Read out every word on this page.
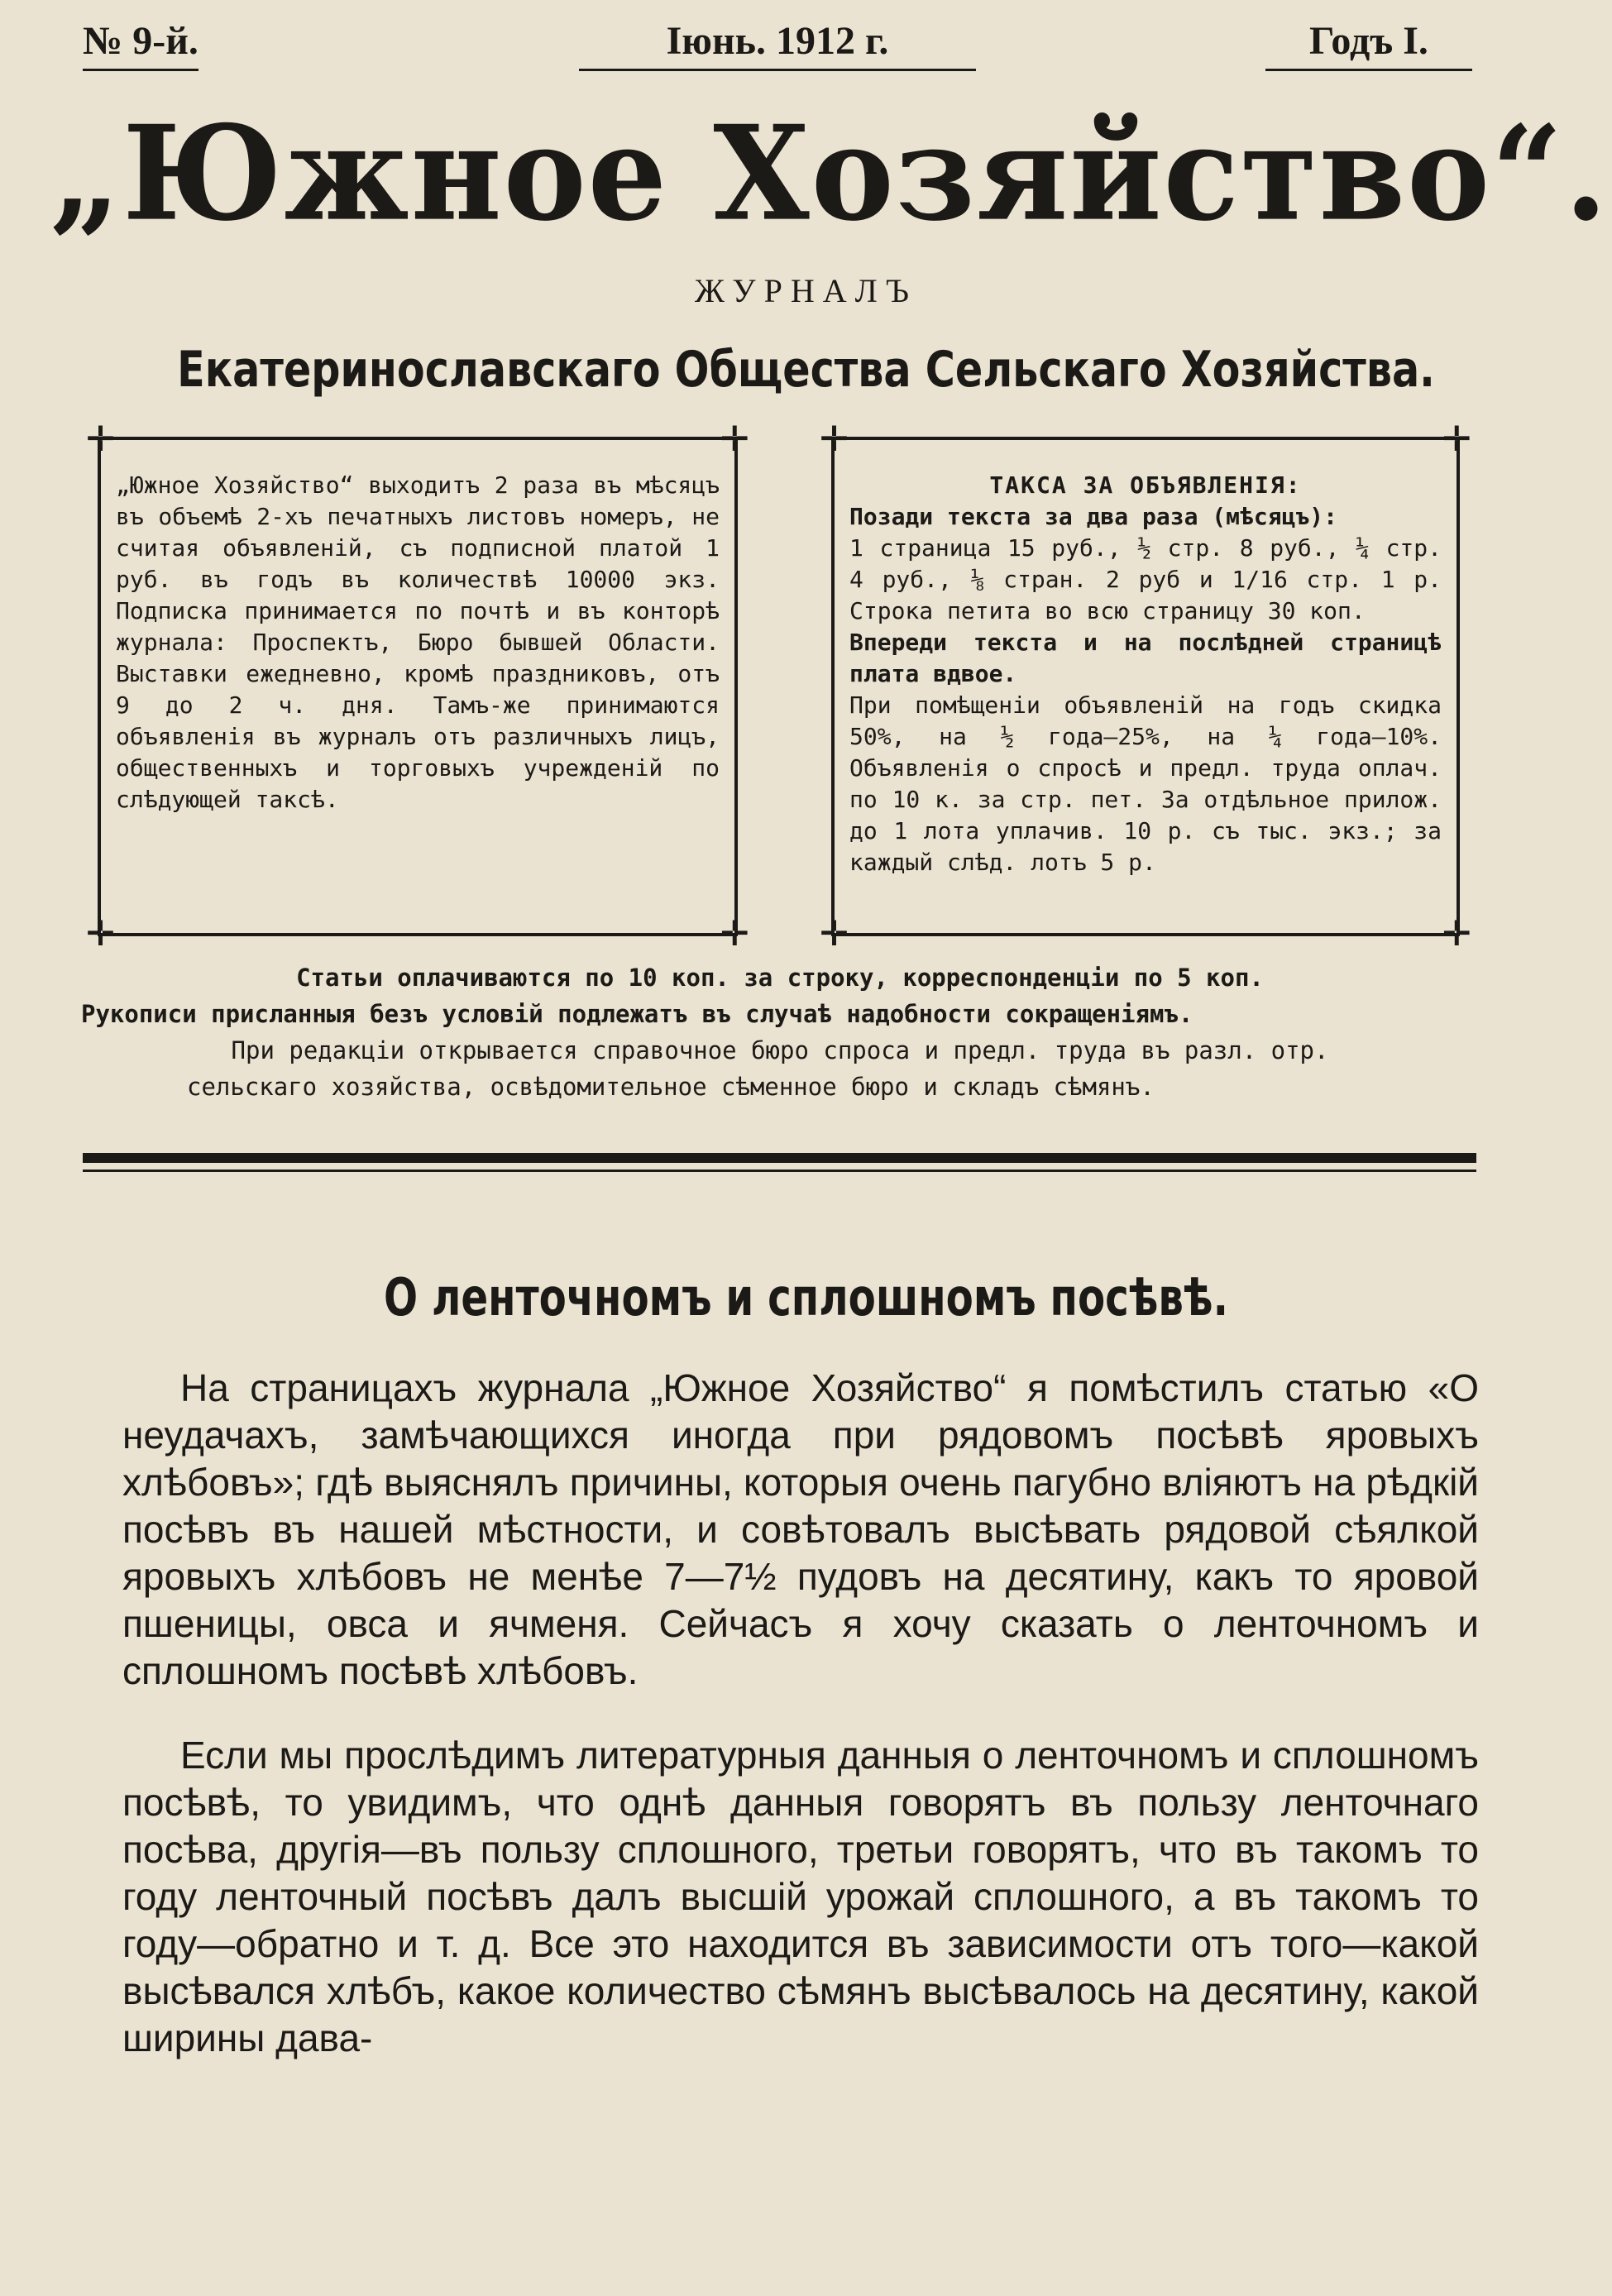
№ 9-й.	Іюнь. 1912 г.	Годъ I.
„Южное Хозяйство“.
ЖУРНАЛЪ
Екатеринославскаго Общества Сельскаго Хозяйства.
✛	✛
✛	✛

„Южное Хозяйство“ выходитъ 2 раза въ мѣсяцъ въ объемѣ 2-хъ печатныхъ листовъ номеръ, не считая объявленій, съ подписной платой 1 руб. въ годъ въ количествѣ 10000 экз. Подписка принимается по почтѣ и въ конторѣ журнала: Проспектъ, Бюро бывшей Области. Выставки ежедневно, кромѣ праздниковъ, отъ 9 до 2 ч. дня. Тамъ-же принимаются объявленія въ журналъ отъ различныхъ лицъ, общественныхъ и торговыхъ учрежденій по слѣдующей таксѣ.

✛	✛
✛	✛

ТАКСА ЗА ОБЪЯВЛЕНІЯ:

Позади текста за два раза (мѣсяцъ):

1 страница 15 руб., ½ стр. 8 руб., ¼ стр. 4 руб., ⅛ стран. 2 руб и 1/16 стр. 1 р. Строка петита во всю страницу 30 коп.

Впереди текста и на послѣдней страницѣ плата вдвое.

При помѣщеніи объявленій на годъ скидка 50%, на ½ года—25%, на ¼ года—10%. Объявленія о спросѣ и предл. труда оплач. по 10 к. за стр. пет. За отдѣльное прилож. до 1 лота уплачив. 10 р. съ тыс. экз.; за каждый слѣд. лотъ 5 р.

Статьи оплачиваются по 10 коп. за строку, корреспонденціи по 5 коп.

Рукописи присланныя безъ условій подлежатъ въ случаѣ надобности сокращеніямъ.

При редакціи открывается справочное бюро спроса и предл. труда въ разл. отр.

сельскаго хозяйства, освѣдомительное сѣменное бюро и складъ сѣмянъ.

О ленточномъ и сплошномъ посѣвѣ.

На страницахъ журнала „Южное Хозяйство“ я помѣстилъ статью «О неудачахъ, замѣчающихся иногда при рядовомъ посѣвѣ яровыхъ хлѣбовъ»; гдѣ выяснялъ причины, которыя очень пагубно вліяютъ на рѣдкій посѣвъ въ нашей мѣстности, и совѣтовалъ высѣвать рядовой сѣялкой яровыхъ хлѣбовъ не менѣе 7—7½ пудовъ на десятину, какъ то яровой пшеницы, овса и ячменя. Сейчасъ я хочу сказать о ленточномъ и сплошномъ посѣвѣ хлѣбовъ.

Если мы прослѣдимъ литературныя данныя о ленточномъ и сплошномъ посѣвѣ, то увидимъ, что однѣ данныя говорятъ въ пользу ленточнаго посѣва, другія—въ пользу сплошного, третьи говорятъ, что въ такомъ то году ленточный посѣвъ далъ высшій урожай сплошного, а въ такомъ то году—обратно и т. д. Все это находится въ зависимости отъ того—какой высѣвался хлѣбъ, какое количество сѣмянъ высѣвалось на десятину, какой ширины дава-
